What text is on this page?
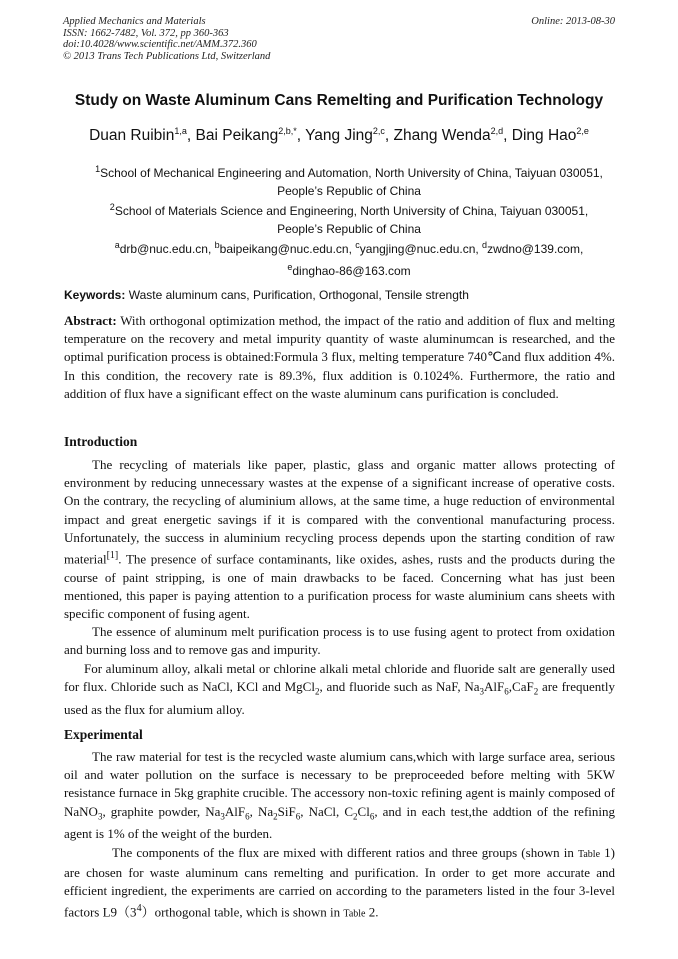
Applied Mechanics and Materials
ISSN: 1662-7482, Vol. 372, pp 360-363
doi:10.4028/www.scientific.net/AMM.372.360
© 2013 Trans Tech Publications Ltd, Switzerland
Online: 2013-08-30
Study on Waste Aluminum Cans Remelting and Purification Technology
Duan Ruibin$^{1,a}$, Bai Peikang$^{2,b,*}$, Yang Jing$^{2,c}$, Zhang Wenda$^{2,d}$, Ding Hao$^{2,e}$
$^1$School of Mechanical Engineering and Automation, North University of China, Taiyuan 030051,
People’s Republic of China
$^2$School of Materials Science and Engineering, North University of China, Taiyuan 030051,
People’s Republic of China
$^a$drb@nuc.edu.cn, $^b$baipeikang@nuc.edu.cn, $^c$yangjing@nuc.edu.cn, $^d$zwdno@139.com,
$^e$dinghao-86@163.com
Keywords: Waste aluminum cans, Purification, Orthogonal, Tensile strength
Abstract: With orthogonal optimization method, the impact of the ratio and addition of flux and melting temperature on the recovery and metal impurity quantity of waste aluminumcan is researched, and the optimal purification process is obtained:Formula 3 flux, melting temperature 740℃and flux addition 4%. In this condition, the recovery rate is 89.3%, flux addition is 0.1024%. Furthermore, the ratio and addition of flux have a significant effect on the waste aluminum cans purification is concluded.
Introduction

The recycling of materials like paper, plastic, glass and organic matter allows protecting of environment by reducing unnecessary wastes at the expense of a significant increase of operative costs. On the contrary, the recycling of aluminium allows, at the same time, a huge reduction of environmental impact and great energetic savings if it is compared with the conventional manufacturing process. Unfortunately, the success in aluminium recycling process depends upon the starting condition of raw material[1]. The presence of surface contaminants, like oxides, ashes, rusts and the products during the course of paint stripping, is one of main drawbacks to be faced. Concerning what has just been mentioned, this paper is paying attention to a purification process for waste aluminium cans sheets with specific component of fusing agent.

The essence of aluminum melt purification process is to use fusing agent to protect from oxidation and burning loss and to remove gas and impurity.

For aluminum alloy, alkali metal or chlorine alkali metal chloride and fluoride salt are generally used for flux. Chloride such as NaCl, KCl and MgCl$_2$, and fluoride such as NaF, $Na_3AlF_6,CaF_2$ are frequently used as the flux for alumium alloy.

Experimental

The raw material for test is the recycled waste alumium cans,which with large surface area, serious oil and water pollution on the surface is necessary to be preproceeded before melting with 5KW resistance furnace in 5kg graphite crucible. The accessory non-toxic refining agent is mainly composed of NaNO$_3$, graphite powder, $Na_3AlF_6$, $Na_2SiF_6$, NaCl, $C_2Cl_6$, and in each test,the addtion of the refining agent is 1% of the weight of the burden.

The components of the flux are mixed with different ratios and three groups (shown in Table 1) are chosen for waste aluminum cans remelting and purification. In order to get more accurate and efficient ingredient, the experiments are carried on according to the parameters listed in the four 3-level factors $L9(3^4)orthogonal$ table, which is shown in Table 2.
